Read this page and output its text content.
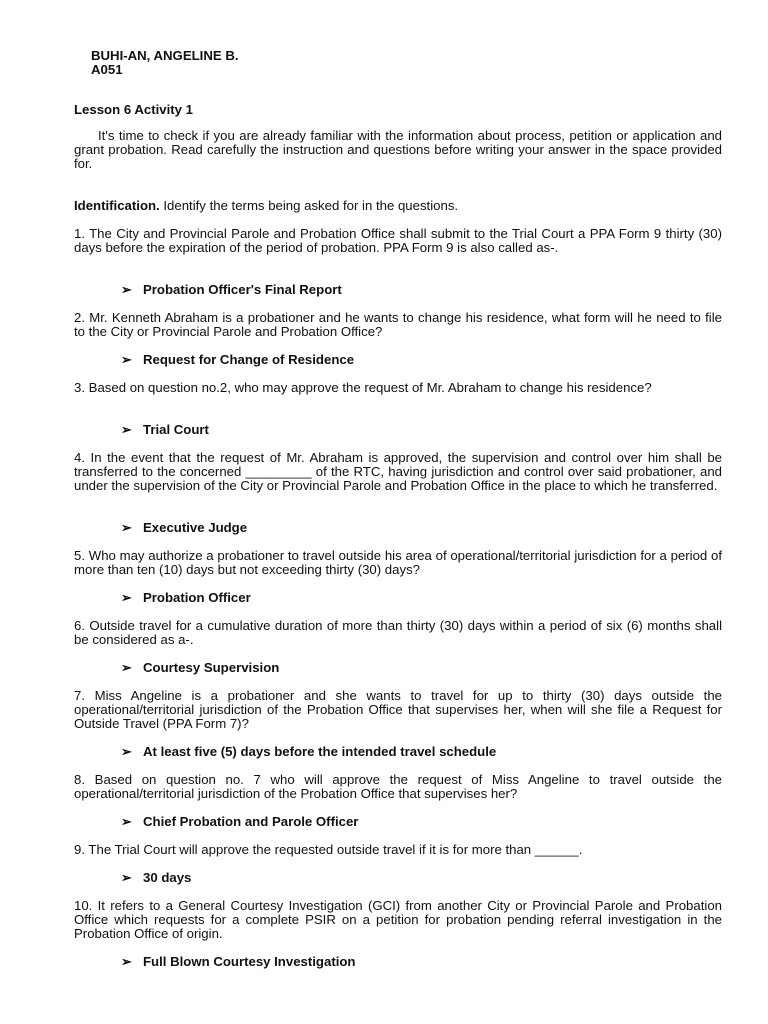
BUHI-AN, ANGELINE B.
A051
Lesson 6 Activity 1
It's time to check if you are already familiar with the information about process, petition or application and grant probation. Read carefully the instruction and questions before writing your answer in the space provided for.
Identification. Identify the terms being asked for in the questions.
1. The City and Provincial Parole and Probation Office shall submit to the Trial Court a PPA Form 9 thirty (30) days before the expiration of the period of probation. PPA Form 9 is also called as-.
➢ Probation Officer's Final Report
2. Mr. Kenneth Abraham is a probationer and he wants to change his residence, what form will he need to file to the City or Provincial Parole and Probation Office?
➢ Request for Change of Residence
3. Based on question no.2, who may approve the request of Mr. Abraham to change his residence?
➢ Trial Court
4. In the event that the request of Mr. Abraham is approved, the supervision and control over him shall be transferred to the concerned _________ of the RTC, having jurisdiction and control over said probationer, and under the supervision of the City or Provincial Parole and Probation Office in the place to which he transferred.
➢ Executive Judge
5. Who may authorize a probationer to travel outside his area of operational/territorial jurisdiction for a period of more than ten (10) days but not exceeding thirty (30) days?
➢ Probation Officer
6. Outside travel for a cumulative duration of more than thirty (30) days within a period of six (6) months shall be considered as a-.
➢ Courtesy Supervision
7. Miss Angeline is a probationer and she wants to travel for up to thirty (30) days outside the operational/territorial jurisdiction of the Probation Office that supervises her, when will she file a Request for Outside Travel (PPA Form 7)?
➢ At least five (5) days before the intended travel schedule
8. Based on question no. 7 who will approve the request of Miss Angeline to travel outside the operational/territorial jurisdiction of the Probation Office that supervises her?
➢ Chief Probation and Parole Officer
9. The Trial Court will approve the requested outside travel if it is for more than ______.
➢ 30 days
10. It refers to a General Courtesy Investigation (GCI) from another City or Provincial Parole and Probation Office which requests for a complete PSIR on a petition for probation pending referral investigation in the Probation Office of origin.
➢ Full Blown Courtesy Investigation
